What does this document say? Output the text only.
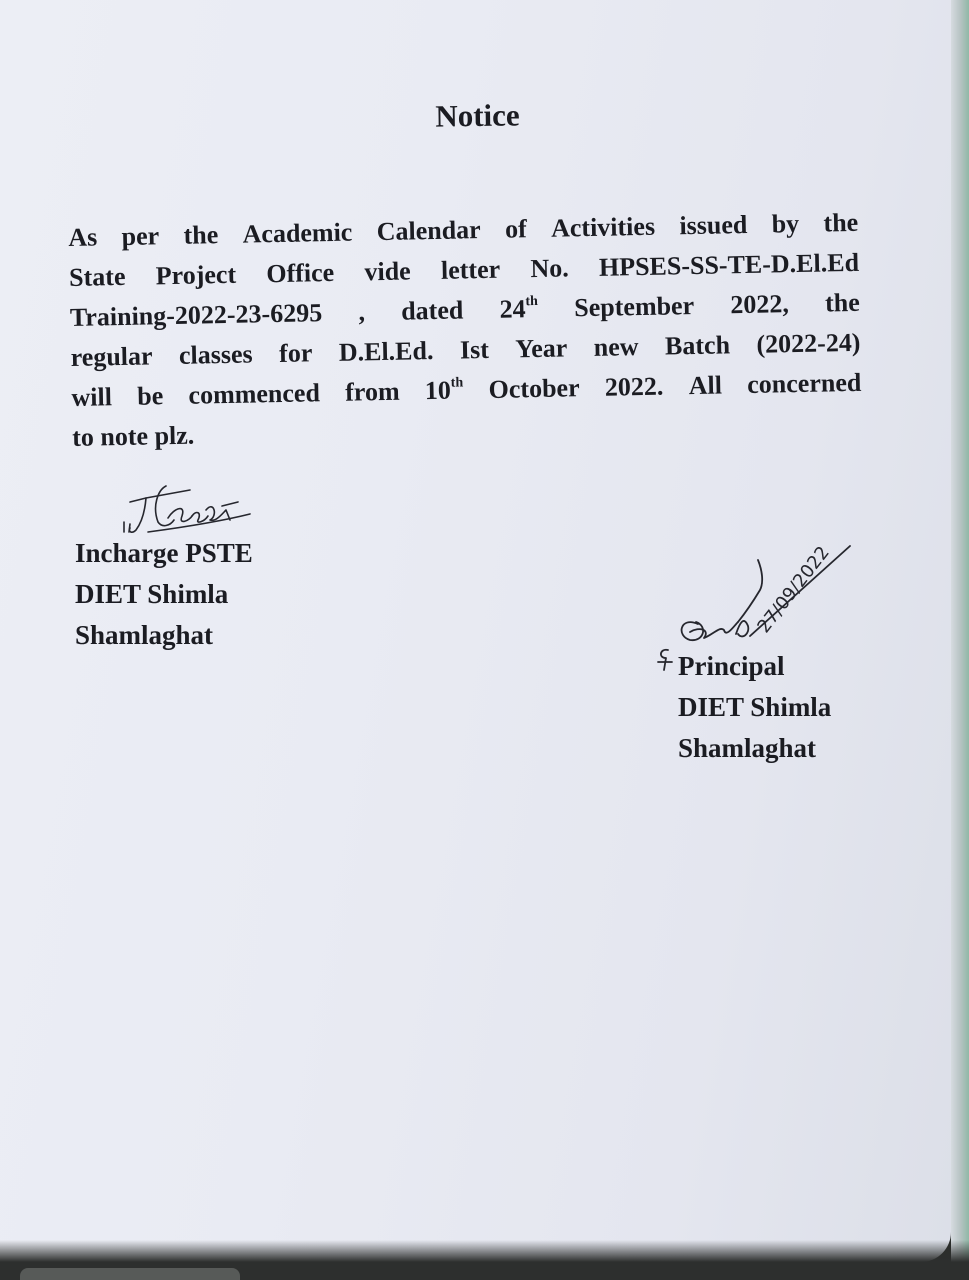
Notice
As per the Academic Calendar of Activities issued by the
State Project Office vide letter No. HPSES-SS-TE-D.El.Ed
Training-2022-23-6295 , dated 24th September 2022, the
regular classes for D.El.Ed. Ist Year new Batch (2022-24)
will be commenced from 10th October 2022. All concerned
to
note
plz.
Incharge PSTE
DIET Shimla
Shamlaghat	27/09/2022
Principal
DIET Shimla
Shamlaghat
